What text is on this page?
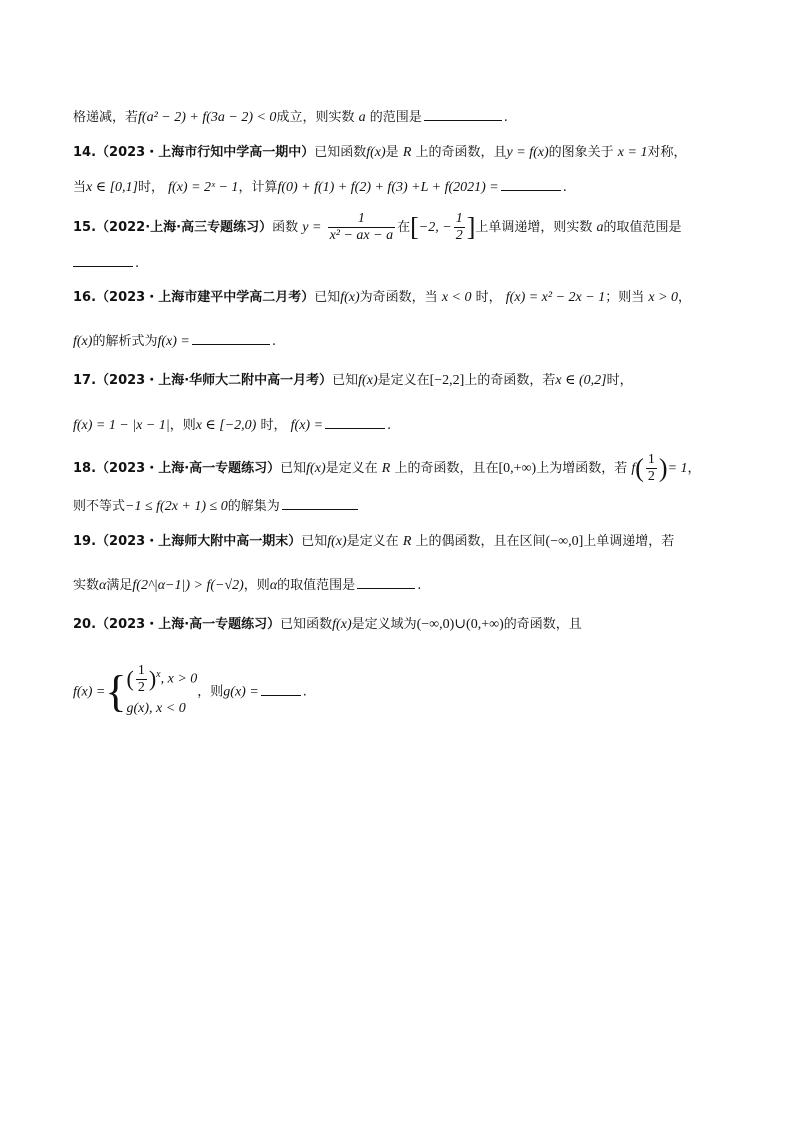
格递减，若f(a² − 2) + f(3a − 2) < 0成立，则实数 a 的范围是	.
14.（2023・上海市行知中学高一期中）已知函数f(x)是 R 上的奇函数，且y = f(x)的图象关于 x = 1对称，
当x ∈ [0,1]时， f(x) = 2ˣ − 1，计算f(0) + f(1) + f(2) + f(3) +L + f(2021) =	.
15.（2022·上海·高三专题练习）函数 $y = \frac{1}{\text{x² − ax − a}}$ 在[−2, − $\frac{1}{2}$ ]上单调递增，则实数 a的取值范围是
.
16.（2023・上海市建平中学高二月考）已知f(x)为奇函数，当 x < 0 时， f(x) = x² − 2x − 1；则当 x > 0，
f(x)的解析式为f(x) =	.
17.（2023・上海·华师大二附中高一月考）已知f(x)是定义在[−2,2]上的奇函数，若x ∈ (0,2]时，
f(x) = 1 − |x − 1|，则x ∈ [−2,0) 时， f(x) =	.
18.（2023・上海·高一专题练习）已知f(x)是定义在 R 上的奇函数，且在[0,+∞)上为增函数，若 $f( \frac{1}{2}$ )= 1，
则不等式−1 ≤ f(2x + 1) ≤ 0的解集为
19.（2023・上海师大附中高一期末）已知f(x)是定义在 R 上的偶函数，且在区间(−∞,0]上单调递增，若
实数α满足f(2^|α−1|) > f(−√2)，则α的取值范围是	.
20.（2023・上海·高一专题练习）已知函数f(x)是定义域为(−∞,0)∪(0,+∞)的奇函数，且
f(x) ={ ( $\frac{1}{2} )^x$, x > 0
g(x), x < 0
，则g(x) =	.
